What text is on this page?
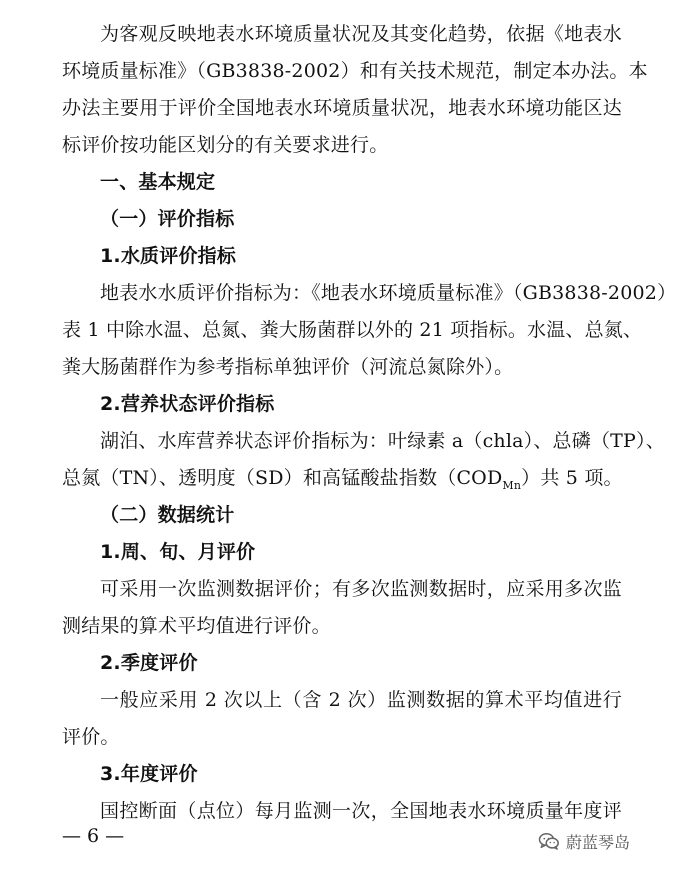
为客观反映地表水环境质量状况及其变化趋势，依据《地表水
环境质量标准》（GB3838-2002）和有关技术规范，制定本办法。本
办法主要用于评价全国地表水环境质量状况，地表水环境功能区达
标评价按功能区划分的有关要求进行。
一、基本规定
（一）评价指标
1.水质评价指标
地表水水质评价指标为：《地表水环境质量标准》（GB3838-2002）
表 1 中除水温、总氮、粪大肠菌群以外的 21 项指标。水温、总氮、
粪大肠菌群作为参考指标单独评价（河流总氮除外）。
2.营养状态评价指标
湖泊、水库营养状态评价指标为：叶绿素 a（chla）、总磷（TP）、
总氮（TN）、透明度（SD）和高锰酸盐指数$(COD_{Mn})$共 5 项。
（二）数据统计
1.周、旬、月评价
可采用一次监测数据评价；有多次监测数据时，应采用多次监
测结果的算术平均值进行评价。
2.季度评价
一般应采用 2 次以上（含 2 次）监测数据的算术平均值进行
评价。
3.年度评价
国控断面（点位）每月监测一次，全国地表水环境质量年度评
— 6 —	蔚蓝琴岛
